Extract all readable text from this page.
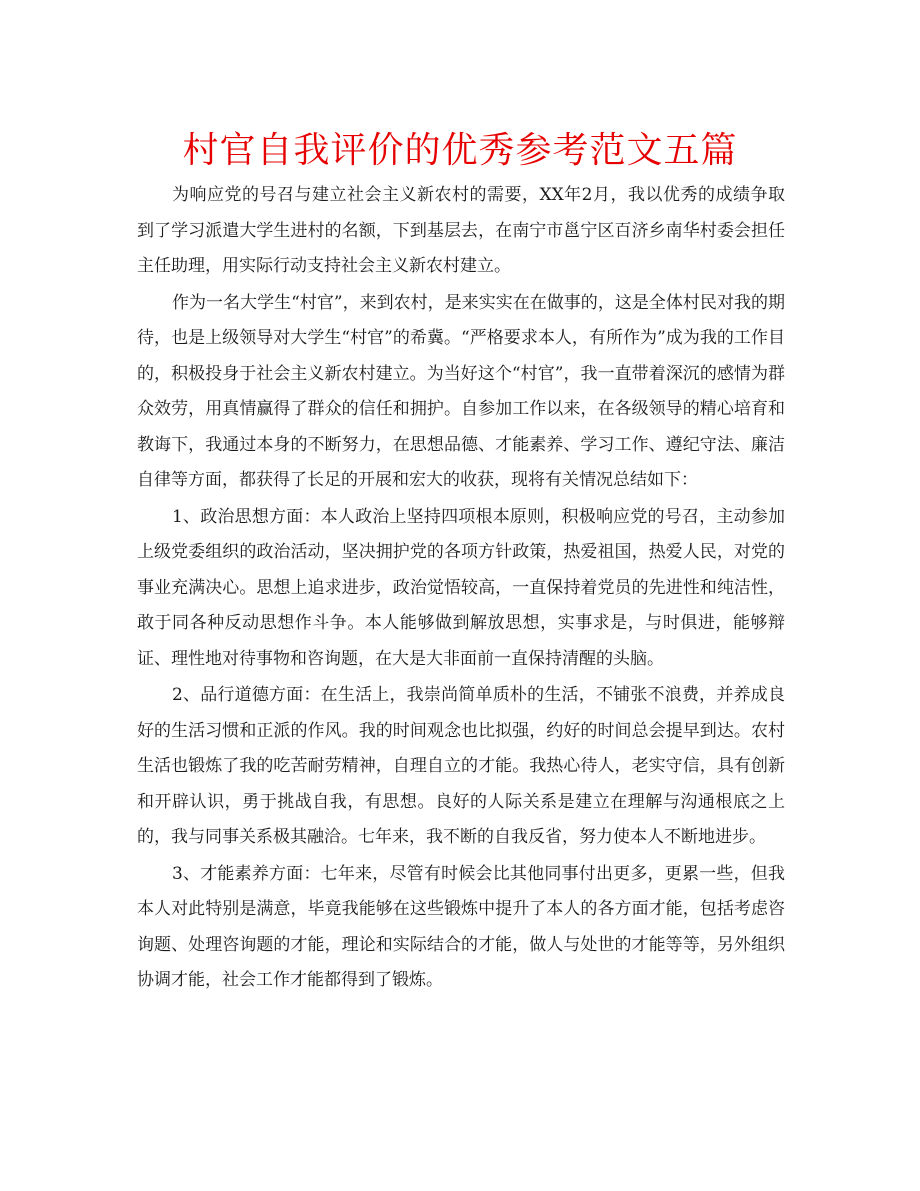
村官自我评价的优秀参考范文五篇

为响应党的号召与建立社会主义新农村的需要，XX年2月，我以优秀的成绩争取到了学习派遣大学生进村的名额，下到基层去，在南宁市邕宁区百济乡南华村委会担任主任助理，用实际行动支持社会主义新农村建立。

作为一名大学生“村官”，来到农村，是来实实在在做事的，这是全体村民对我的期待，也是上级领导对大学生“村官”的希冀。“严格要求本人，有所作为”成为我的工作目的，积极投身于社会主义新农村建立。为当好这个“村官”，我一直带着深沉的感情为群众效劳，用真情赢得了群众的信任和拥护。自参加工作以来，在各级领导的精心培育和教诲下，我通过本身的不断努力，在思想品德、才能素养、学习工作、遵纪守法、廉洁自律等方面，都获得了长足的开展和宏大的收获，现将有关情况总结如下：

1、政治思想方面：本人政治上坚持四项根本原则，积极响应党的号召，主动参加上级党委组织的政治活动，坚决拥护党的各项方针政策，热爱祖国，热爱人民，对党的事业充满决心。思想上追求进步，政治觉悟较高，一直保持着党员的先进性和纯洁性，敢于同各种反动思想作斗争。本人能够做到解放思想，实事求是，与时俱进，能够辩证、理性地对待事物和咨询题，在大是大非面前一直保持清醒的头脑。

2、品行道德方面：在生活上，我崇尚简单质朴的生活，不铺张不浪费，并养成良好的生活习惯和正派的作风。我的时间观念也比拟强，约好的时间总会提早到达。农村生活也锻炼了我的吃苦耐劳精神，自理自立的才能。我热心待人，老实守信，具有创新和开辟认识，勇于挑战自我，有思想。良好的人际关系是建立在理解与沟通根底之上的，我与同事关系极其融洽。七年来，我不断的自我反省，努力使本人不断地进步。

3、才能素养方面：七年来，尽管有时候会比其他同事付出更多，更累一些，但我本人对此特别是满意，毕竟我能够在这些锻炼中提升了本人的各方面才能，包括考虑咨询题、处理咨询题的才能，理论和实际结合的才能，做人与处世的才能等等，另外组织协调才能，社会工作才能都得到了锻炼。
